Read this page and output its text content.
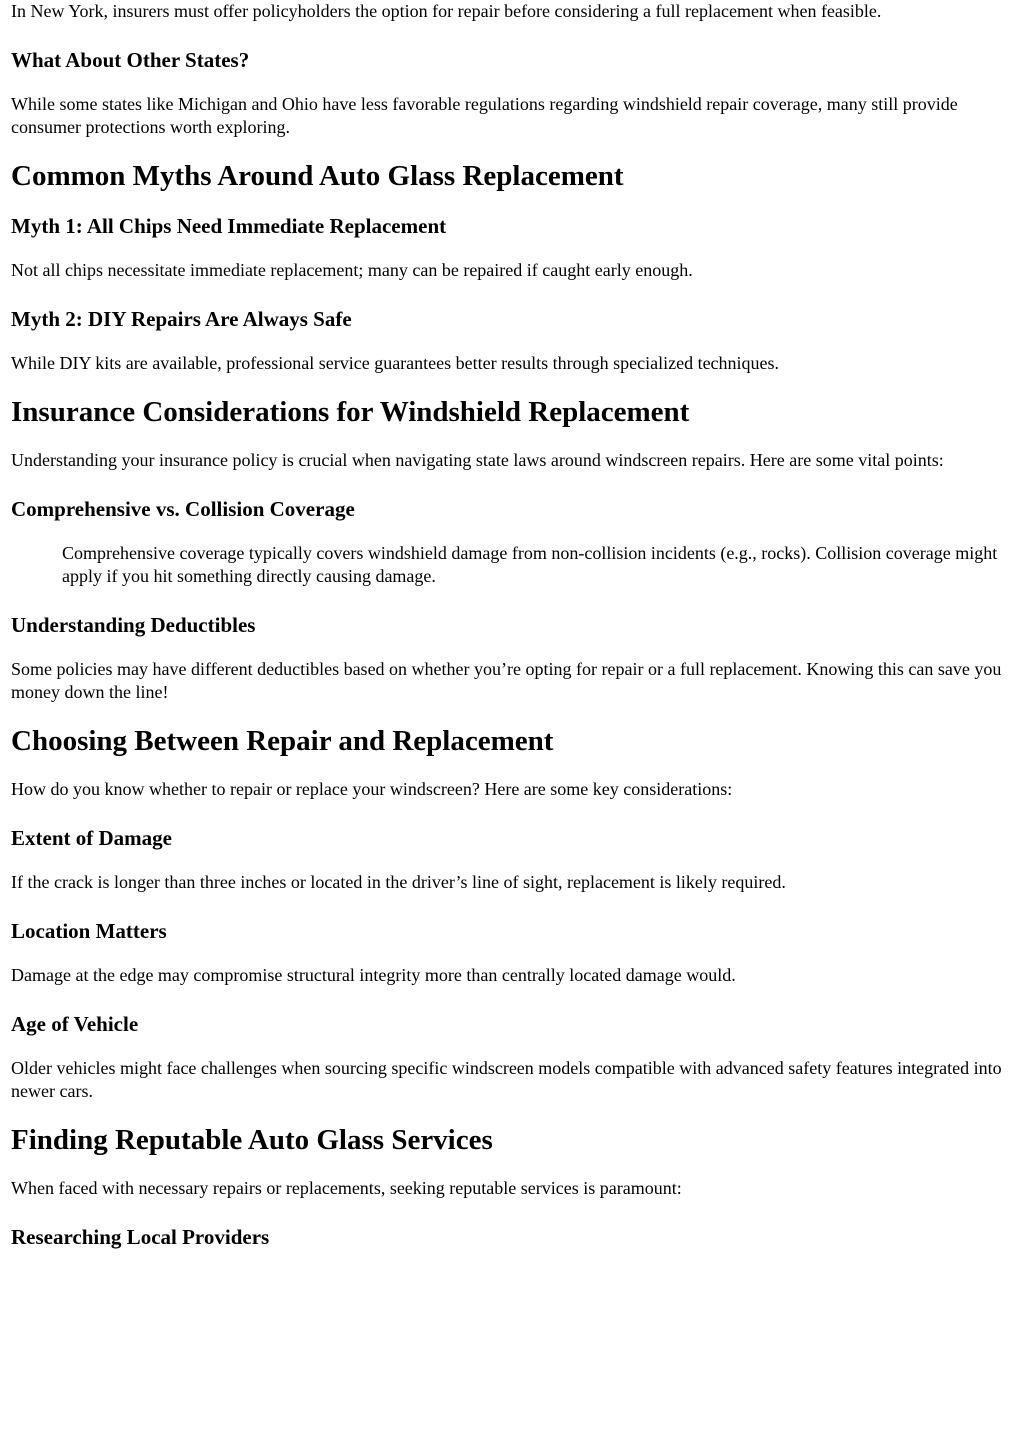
In New York, insurers must offer policyholders the option for repair before considering a full replacement when feasible.

What About Other States?

While some states like Michigan and Ohio have less favorable regulations regarding windshield repair coverage, many still provide consumer protections worth exploring.

Common Myths Around Auto Glass Replacement
Myth 1: All Chips Need Immediate Replacement

Not all chips necessitate immediate replacement; many can be repaired if caught early enough.

Myth 2: DIY Repairs Are Always Safe

While DIY kits are available, professional service guarantees better results through specialized techniques.

Insurance Considerations for Windshield Replacement

Understanding your insurance policy is crucial when navigating state laws around windscreen repairs. Here are some vital points:

Comprehensive vs. Collision Coverage

Comprehensive coverage typically covers windshield damage from non-collision incidents (e.g., rocks). Collision coverage might apply if you hit something directly causing damage.

Understanding Deductibles

Some policies may have different deductibles based on whether you’re opting for repair or a full replacement. Knowing this can save you money down the line!

Choosing Between Repair and Replacement

How do you know whether to repair or replace your windscreen? Here are some key considerations:

Extent of Damage

If the crack is longer than three inches or located in the driver’s line of sight, replacement is likely required.

Location Matters

Damage at the edge may compromise structural integrity more than centrally located damage would.

Age of Vehicle

Older vehicles might face challenges when sourcing specific windscreen models compatible with advanced safety features integrated into newer cars.

Finding Reputable Auto Glass Services

When faced with necessary repairs or replacements, seeking reputable services is paramount:

Researching Local Providers
